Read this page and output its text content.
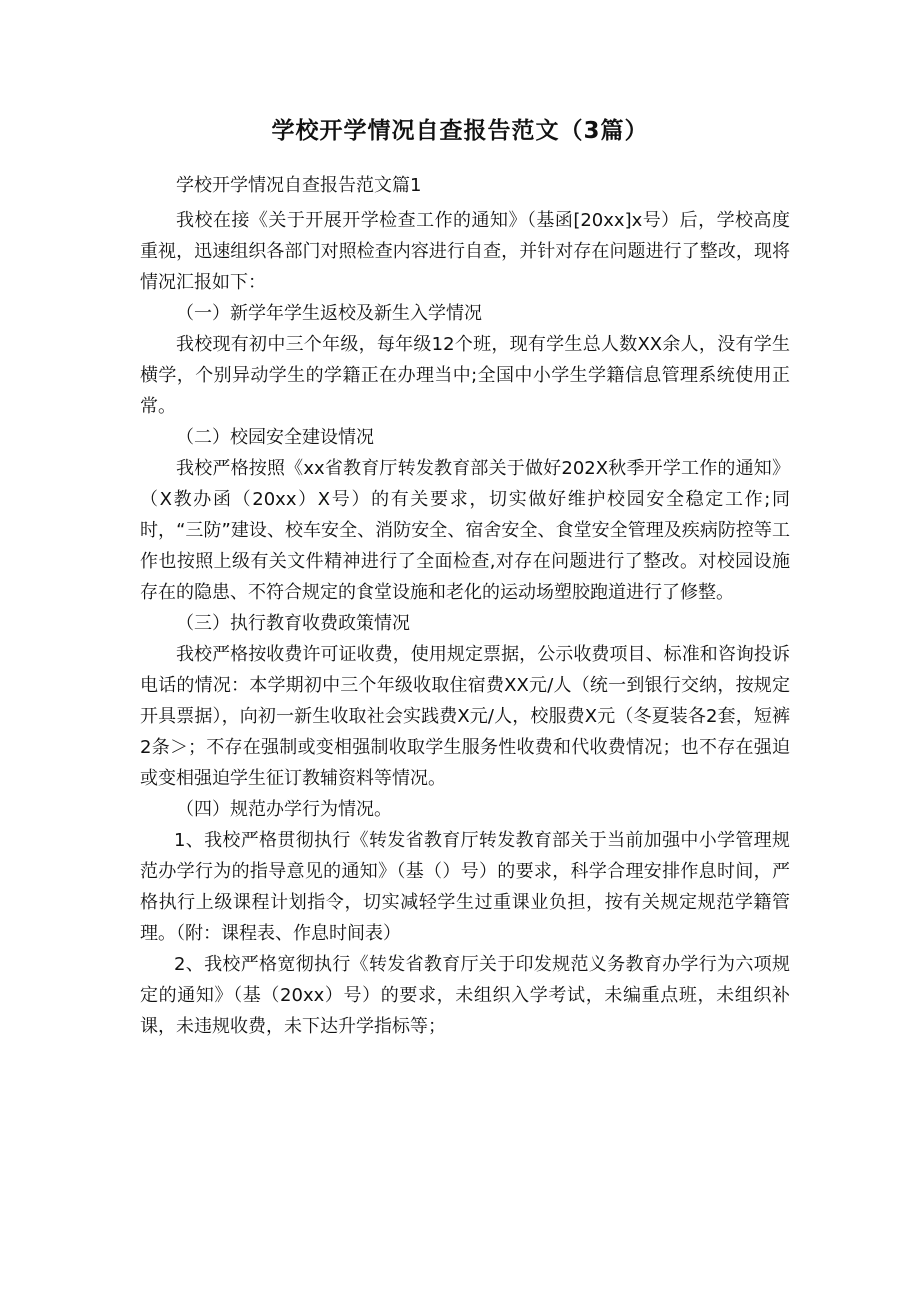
学校开学情况自查报告范文（3篇）

学校开学情况自查报告范文篇1

我校在接《关于开展开学检查工作的通知》（基函[20xx]x号）后，学校高度重视，迅速组织各部门对照检查内容进行自查，并针对存在问题进行了整改，现将情况汇报如下：

（一）新学年学生返校及新生入学情况

我校现有初中三个年级，每年级12个班，现有学生总人数XX余人，没有学生横学，个别异动学生的学籍正在办理当中;全国中小学生学籍信息管理系统使用正常。

（二）校园安全建设情况

我校严格按照《xx省教育厅转发教育部关于做好202X秋季开学工作的通知》（X教办函（20xx）X号）的有关要求，切实做好维护校园安全稳定工作;同时，“三防”建设、校车安全、消防安全、宿舍安全、食堂安全管理及疾病防控等工作也按照上级有关文件精神进行了全面检查,对存在问题进行了整改。对校园设施存在的隐患、不符合规定的食堂设施和老化的运动场塑胶跑道进行了修整。

（三）执行教育收费政策情况

我校严格按收费许可证收费，使用规定票据，公示收费项目、标准和咨询投诉电话的情况：本学期初中三个年级收取住宿费XX元/人（统一到银行交纳，按规定开具票据），向初一新生收取社会实践费X元/人，校服费X元（冬夏装各2套，短裤2条＞；不存在强制或变相强制收取学生服务性收费和代收费情况；也不存在强迫或变相强迫学生征订教辅资料等情况。

（四）规范办学行为情况。

1、我校严格贯彻执行《转发省教育厅转发教育部关于当前加强中小学管理规范办学行为的指导意见的通知》（基（）号）的要求，科学合理安排作息时间，严格执行上级课程计划指令，切实减轻学生过重课业负担，按有关规定规范学籍管理。（附：课程表、作息时间表）

2、我校严格宽彻执行《转发省教育厅关于印发规范义务教育办学行为六项规定的通知》（基（20xx）号）的要求，未组织入学考试，未编重点班，未组织补课，未违规收费，未下达升学指标等；
